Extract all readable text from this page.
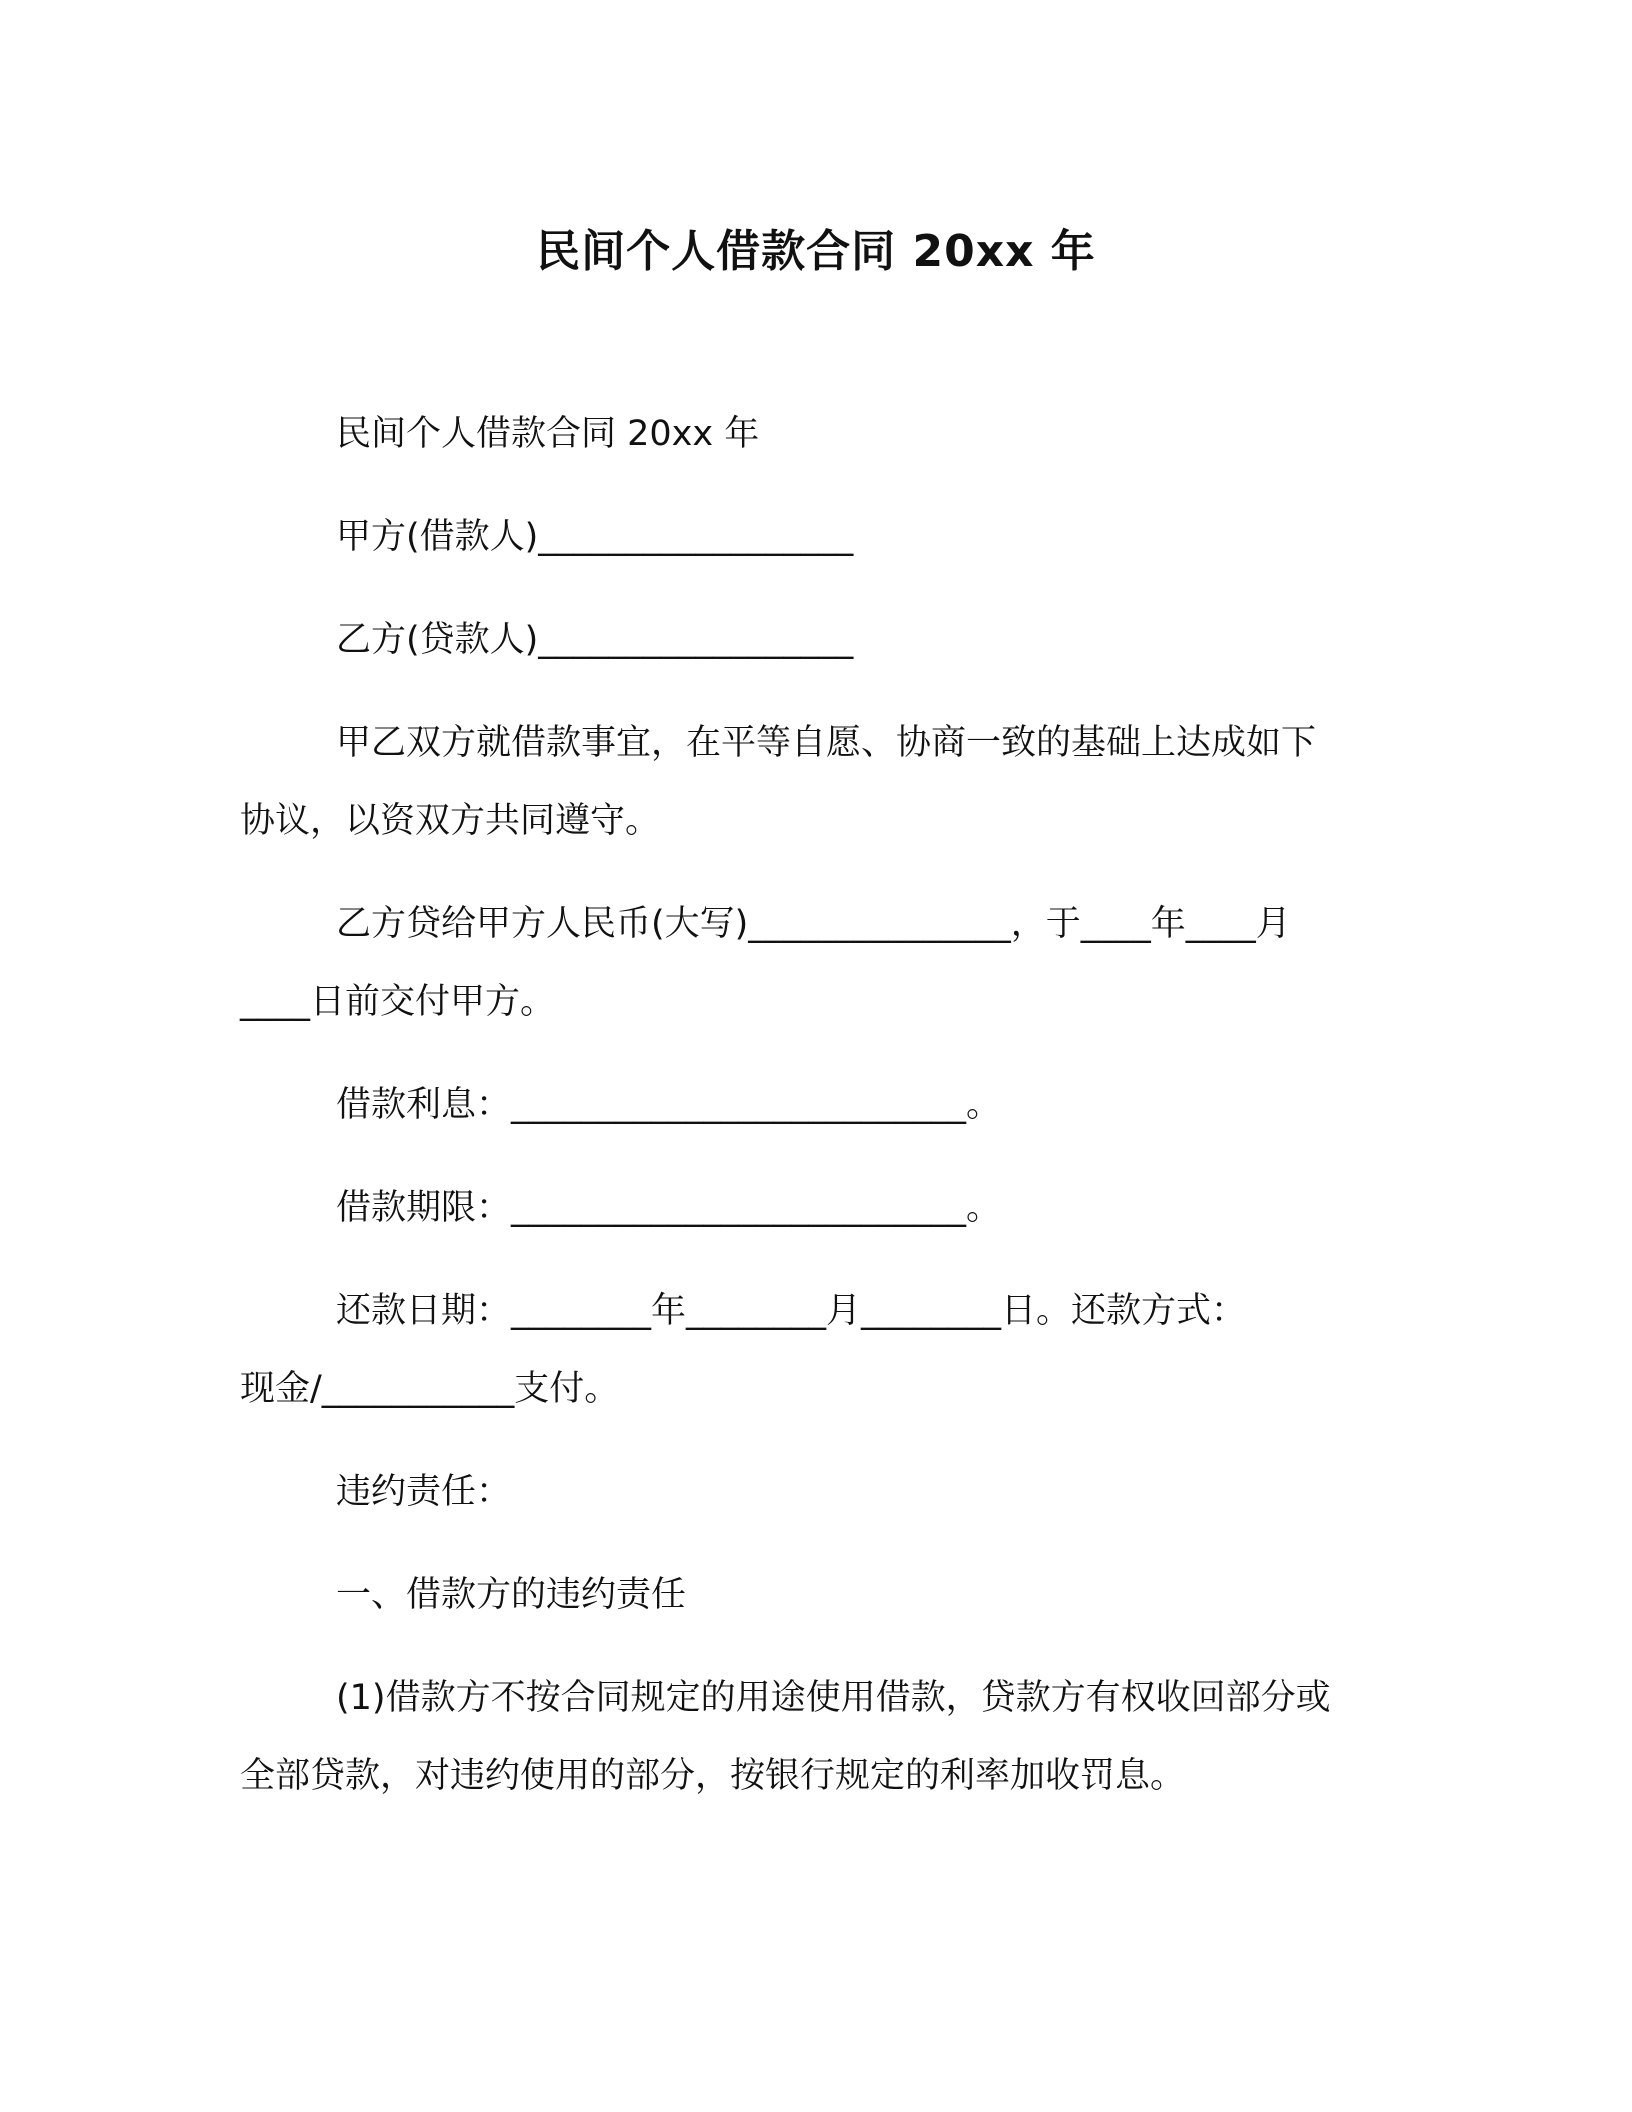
民间个人借款合同 20xx 年
民间个人借款合同 20xx 年
甲方(借款人)__________________
乙方(贷款人)__________________
甲乙双方就借款事宜，在平等自愿、协商一致的基础上达成如下
协议，以资双方共同遵守。
乙方贷给甲方人民币(大写)_______________，于____年____月
____日前交付甲方。
借款利息：__________________________。
借款期限：__________________________。
还款日期：________年________月________日。还款方式：
现金/___________支付。
违约责任：
一、借款方的违约责任
(1)借款方不按合同规定的用途使用借款，贷款方有权收回部分或
全部贷款，对违约使用的部分，按银行规定的利率加收罚息。
